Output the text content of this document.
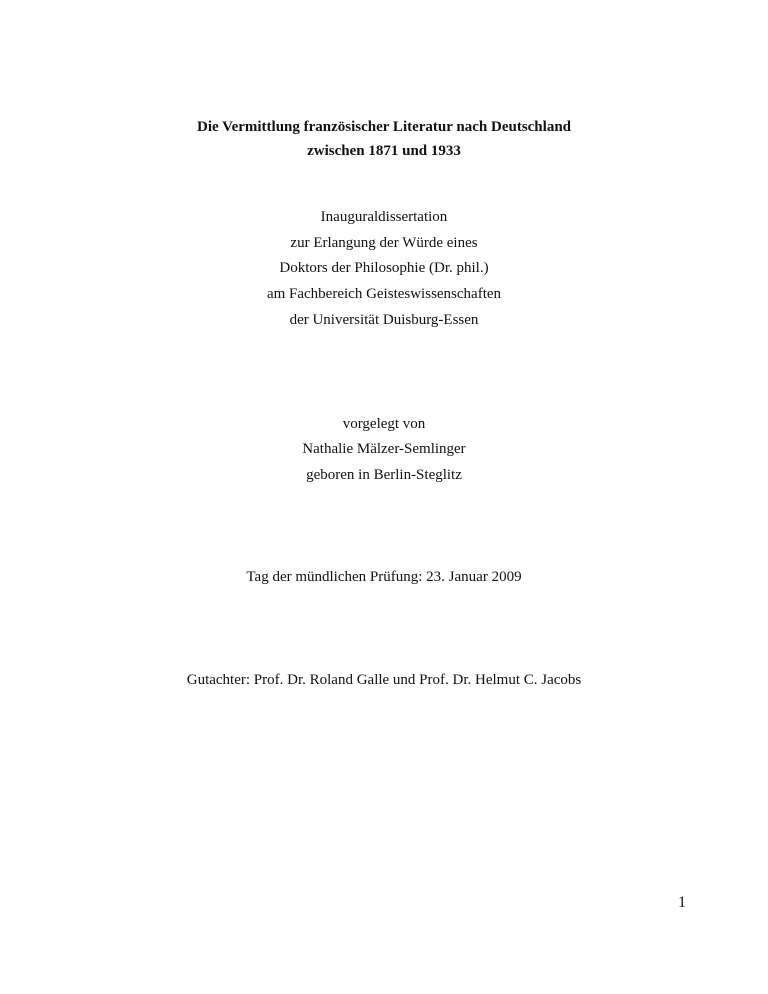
Die Vermittlung französischer Literatur nach Deutschland
zwischen 1871 und 1933
Inauguraldissertation
zur Erlangung der Würde eines
Doktors der Philosophie (Dr. phil.)
am Fachbereich Geisteswissenschaften
der Universität Duisburg-Essen
vorgelegt von
Nathalie Mälzer-Semlinger
geboren in Berlin-Steglitz
Tag der mündlichen Prüfung: 23. Januar 2009
Gutachter: Prof. Dr. Roland Galle und Prof. Dr. Helmut C. Jacobs
1
